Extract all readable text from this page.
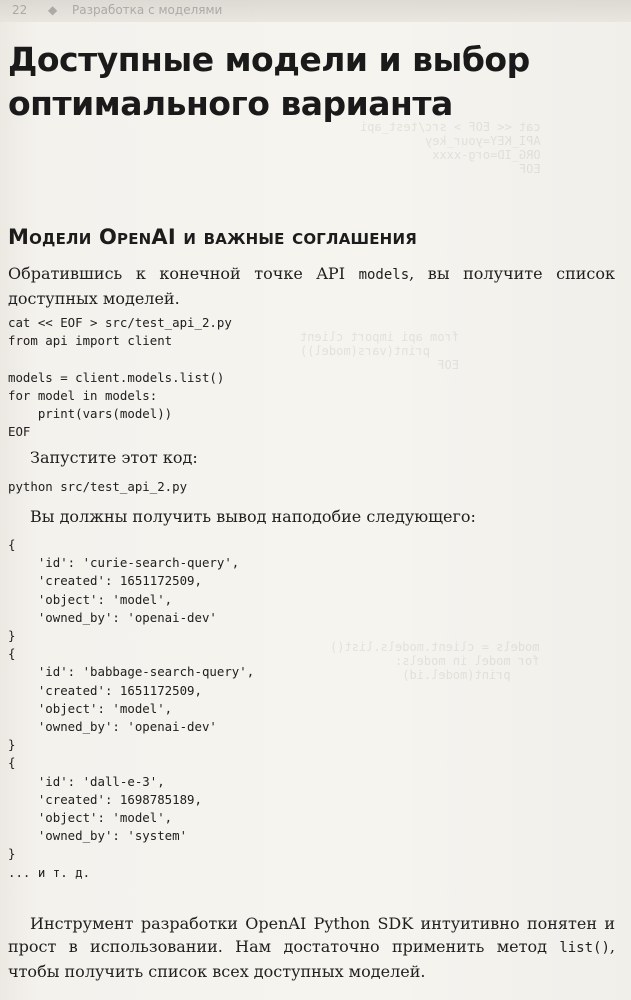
cat << EOF > src/test_api
API_KEY=your_key
ORG_ID=org-xxxx
EOF
from api import client
print(vars(model))
EOF
models = client.models.list()
for model in models:
print(model.id)
22 ◆ Разработка с моделями
Доступные модели и выбор оптимального варианта
Модели OpenAI и важные соглашения

Обратившись к конечной точке API models, вы получите список доступных моделей.

cat << EOF > src/test_api_2.py
from api import client

models = client.models.list()
for model in models:
print(vars(model))
EOF

Запустите этот код:

python src/test_api_2.py

Вы должны получить вывод наподобие следующего:

{
'id': 'curie-search-query',
'created': 1651172509,
'object': 'model',
'owned_by': 'openai-dev'
}
{
'id': 'babbage-search-query',
'created': 1651172509,
'object': 'model',
'owned_by': 'openai-dev'
}
{
'id': 'dall-e-3',
'created': 1698785189,
'object': 'model',
'owned_by': 'system'
}
... и т. д.

Инструмент разработки OpenAI Python SDK интуитивно понятен и прост в использовании. Нам достаточно применить метод list(), чтобы получить список всех доступных моделей.
